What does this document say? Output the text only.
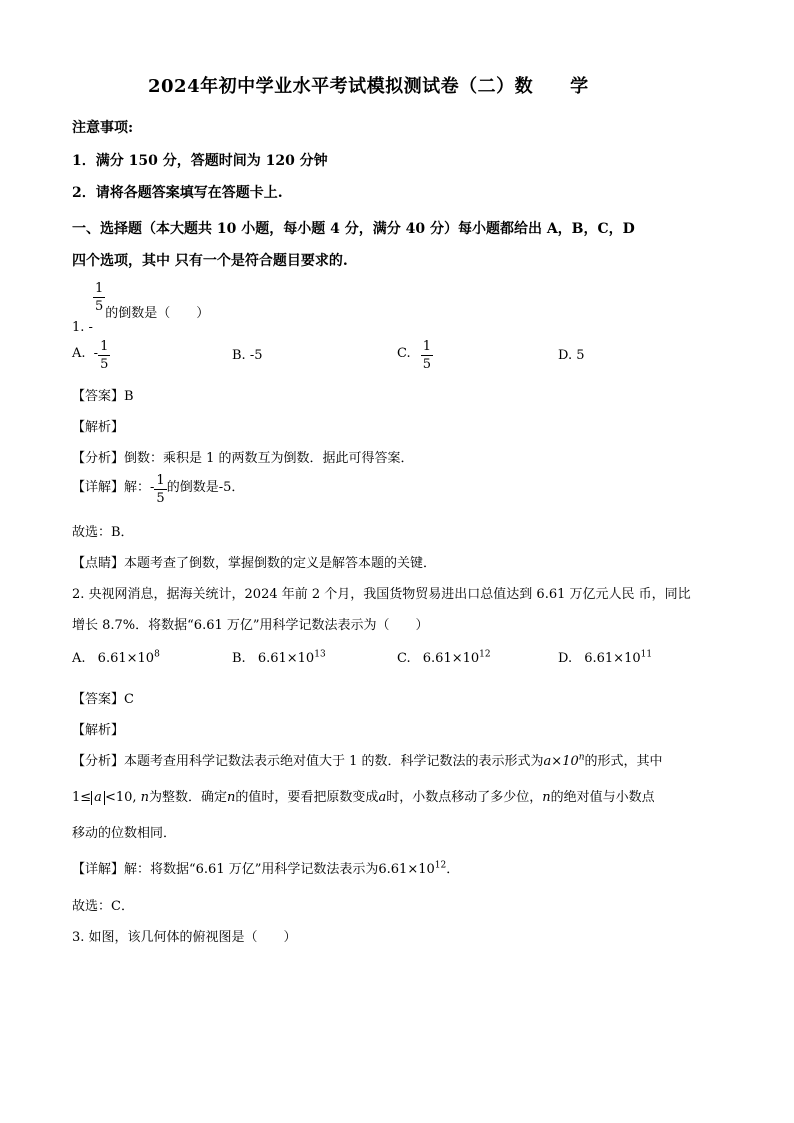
2024年初中学业水平考试模拟测试卷（二）数　　学
注意事项:
1．满分 150 分，答题时间为 120 分钟
2．请将各题答案填写在答题卡上.
一、选择题（本大题共 10 小题，每小题 4 分，满分 40 分）每小题都给出 A，B，C，D
四个选项，其中 只有一个是符合题目要求的.
1. -
$\frac{1}{5}$
的倒数是（　　）
A. - $\frac{1}{5}$	B. -5	C. $\frac{1}{5}$	D. 5
【答案】B
【解析】
【分析】倒数：乘积是 1 的两数互为倒数．据此可得答案．
【详解】解：- $\frac{1}{5}$ 的倒数是-5．
故选：B．
【点睛】本题考查了倒数，掌握倒数的定义是解答本题的关键．
2. 央视网消息，据海关统计，2024 年前 2 个月，我国货物贸易进出口总值达到 6.61 万亿元人民 币，同比
增长 8.7%．将数据“6.61 万亿”用科学记数法表示为（　　）
A. $6.61\times 10^8$	B. $6.61\times 10^{13}$	C. $6.61\times 10^{12}$	D. $6.61\times 10^{11}$
【答案】C
【解析】
【分析】本题考查用科学记数法表示绝对值大于 1 的数．科学记数法的表示形式为$a\times 10^n$的形式，其中
1≤ a <10, n为整数．确定n的值时，要看把原数变成a时，小数点移动了多少位，n的绝对值与小数点
移动的位数相同．
【详解】解：将数据“6.61 万亿”用科学记数法表示为$6.61\times 10^{12}$．
故选：C．
3. 如图，该几何体的俯视图是（　　）
